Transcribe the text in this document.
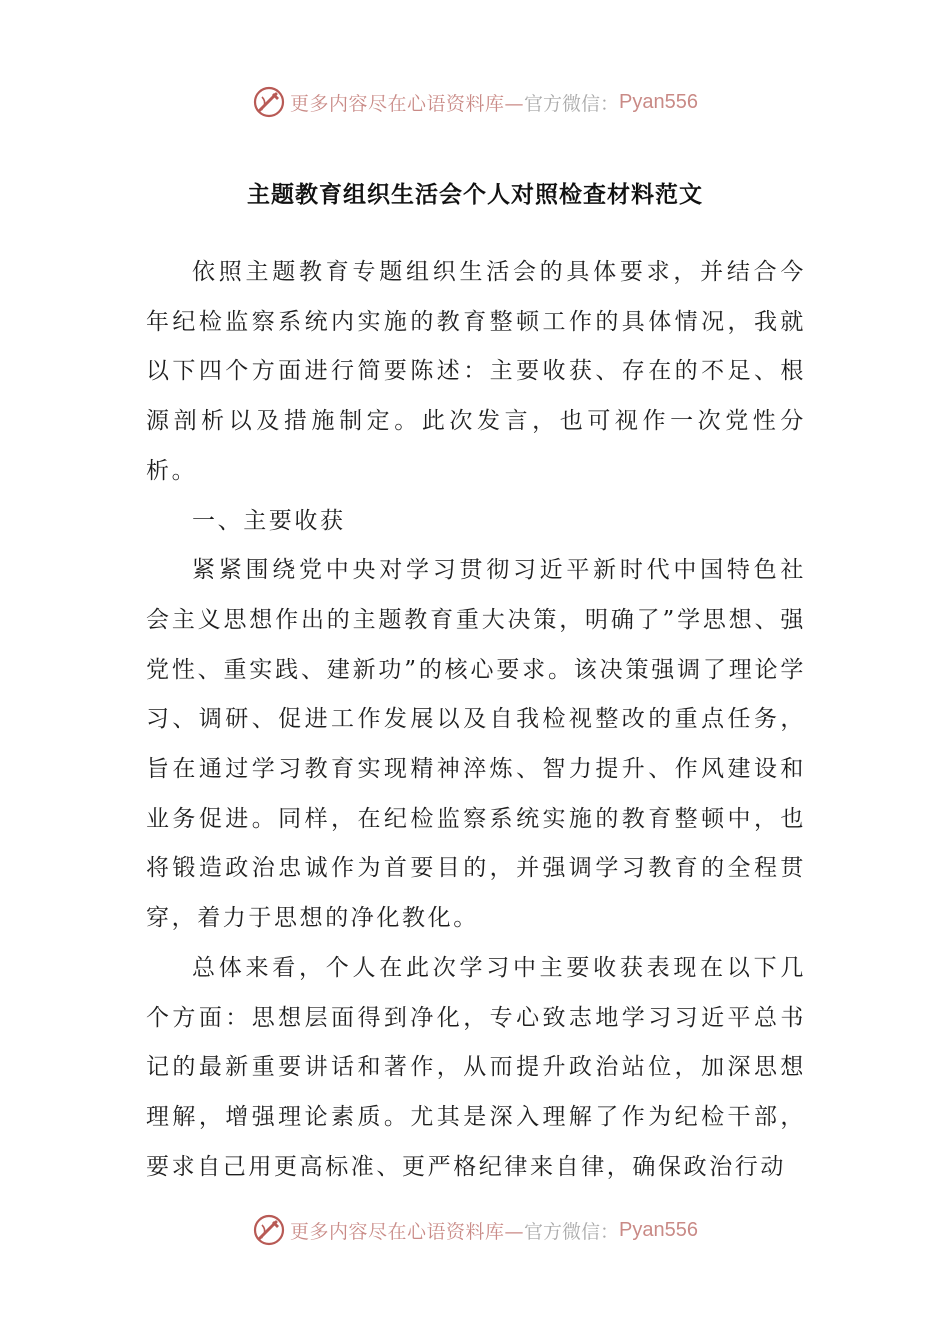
更多内容尽在心语资料库— 官方微信： Pyan556
主题教育组织生活会个人对照检查材料范文

依照主题教育专题组织生活会的具体要求，并结合今年纪检监察系统内实施的教育整顿工作的具体情况，我就以下四个方面进行简要陈述：主要收获、存在的不足、根源剖析以及措施制定。此次发言，也可视作一次党性分析。

一、主要收获

紧紧围绕党中央对学习贯彻习近平新时代中国特色社会主义思想作出的主题教育重大决策，明确了”学思想、强党性、重实践、建新功”的核心要求。该决策强调了理论学习、调研、促进工作发展以及自我检视整改的重点任务，旨在通过学习教育实现精神淬炼、智力提升、作风建设和业务促进。同样，在纪检监察系统实施的教育整顿中，也将锻造政治忠诚作为首要目的，并强调学习教育的全程贯穿，着力于思想的净化教化。

总体来看，个人在此次学习中主要收获表现在以下几个方面：思想层面得到净化，专心致志地学习习近平总书记的最新重要讲话和著作，从而提升政治站位，加深思想理解，增强理论素质。尤其是深入理解了作为纪检干部，要求自己用更高标准、更严格纪律来自律，确保政治行动

更多内容尽在心语资料库— 官方微信： Pyan556
